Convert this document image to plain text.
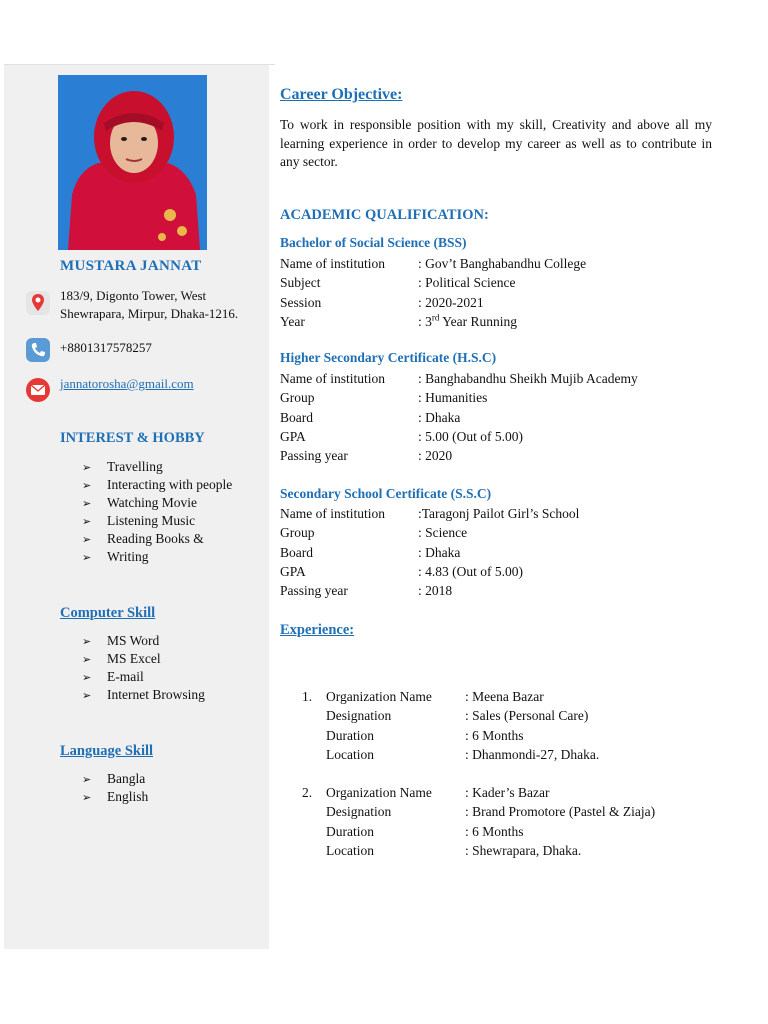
MUSTARA JANNAT
183/9, Digonto Tower, West
Shewrapara, Mirpur, Dhaka-1216.
+8801317578257
jannatorosha@gmail.com
INTEREST & HOBBY
➢ Travelling
➢ Interacting with people
➢ Watching Movie
➢ Listening Music
➢ Reading Books &
➢ Writing
Computer Skill
➢ MS Word
➢ MS Excel
➢ E-mail
➢ Internet Browsing
Language Skill
➢ Bangla
➢ English
Career Objective:
To work in responsible position with my skill, Creativity and above all my learning experience in order to develop my career as well as to contribute in any sector.
ACADEMIC QUALIFICATION:
Bachelor of Social Science (BSS)
Name of institution : Gov’t Banghabandhu College
Subject	: Political Science
Session	: 2020-2021
Year	: 3rd Year Running
Higher Secondary Certificate (H.S.C)
Name of institution : Banghabandhu Sheikh Mujib Academy
Group	: Humanities
Board	: Dhaka
GPA	: 5.00 (Out of 5.00)
Passing year	: 2020
Secondary School Certificate (S.S.C)
Name of institution :Taragonj Pailot Girl’s School
Group	: Science
Board	: Dhaka
GPA	: 4.83 (Out of 5.00)
Passing year	: 2018
Experience:
1. Organization Name : Meena Bazar
Designation	: Sales (Personal Care)
Duration	: 6 Months
Location	: Dhanmondi-27, Dhaka.
2. Organization Name : Kader’s Bazar
Designation	: Brand Promotore (Pastel & Ziaja)
Duration	: 6 Months
Location	: Shewrapara, Dhaka.
